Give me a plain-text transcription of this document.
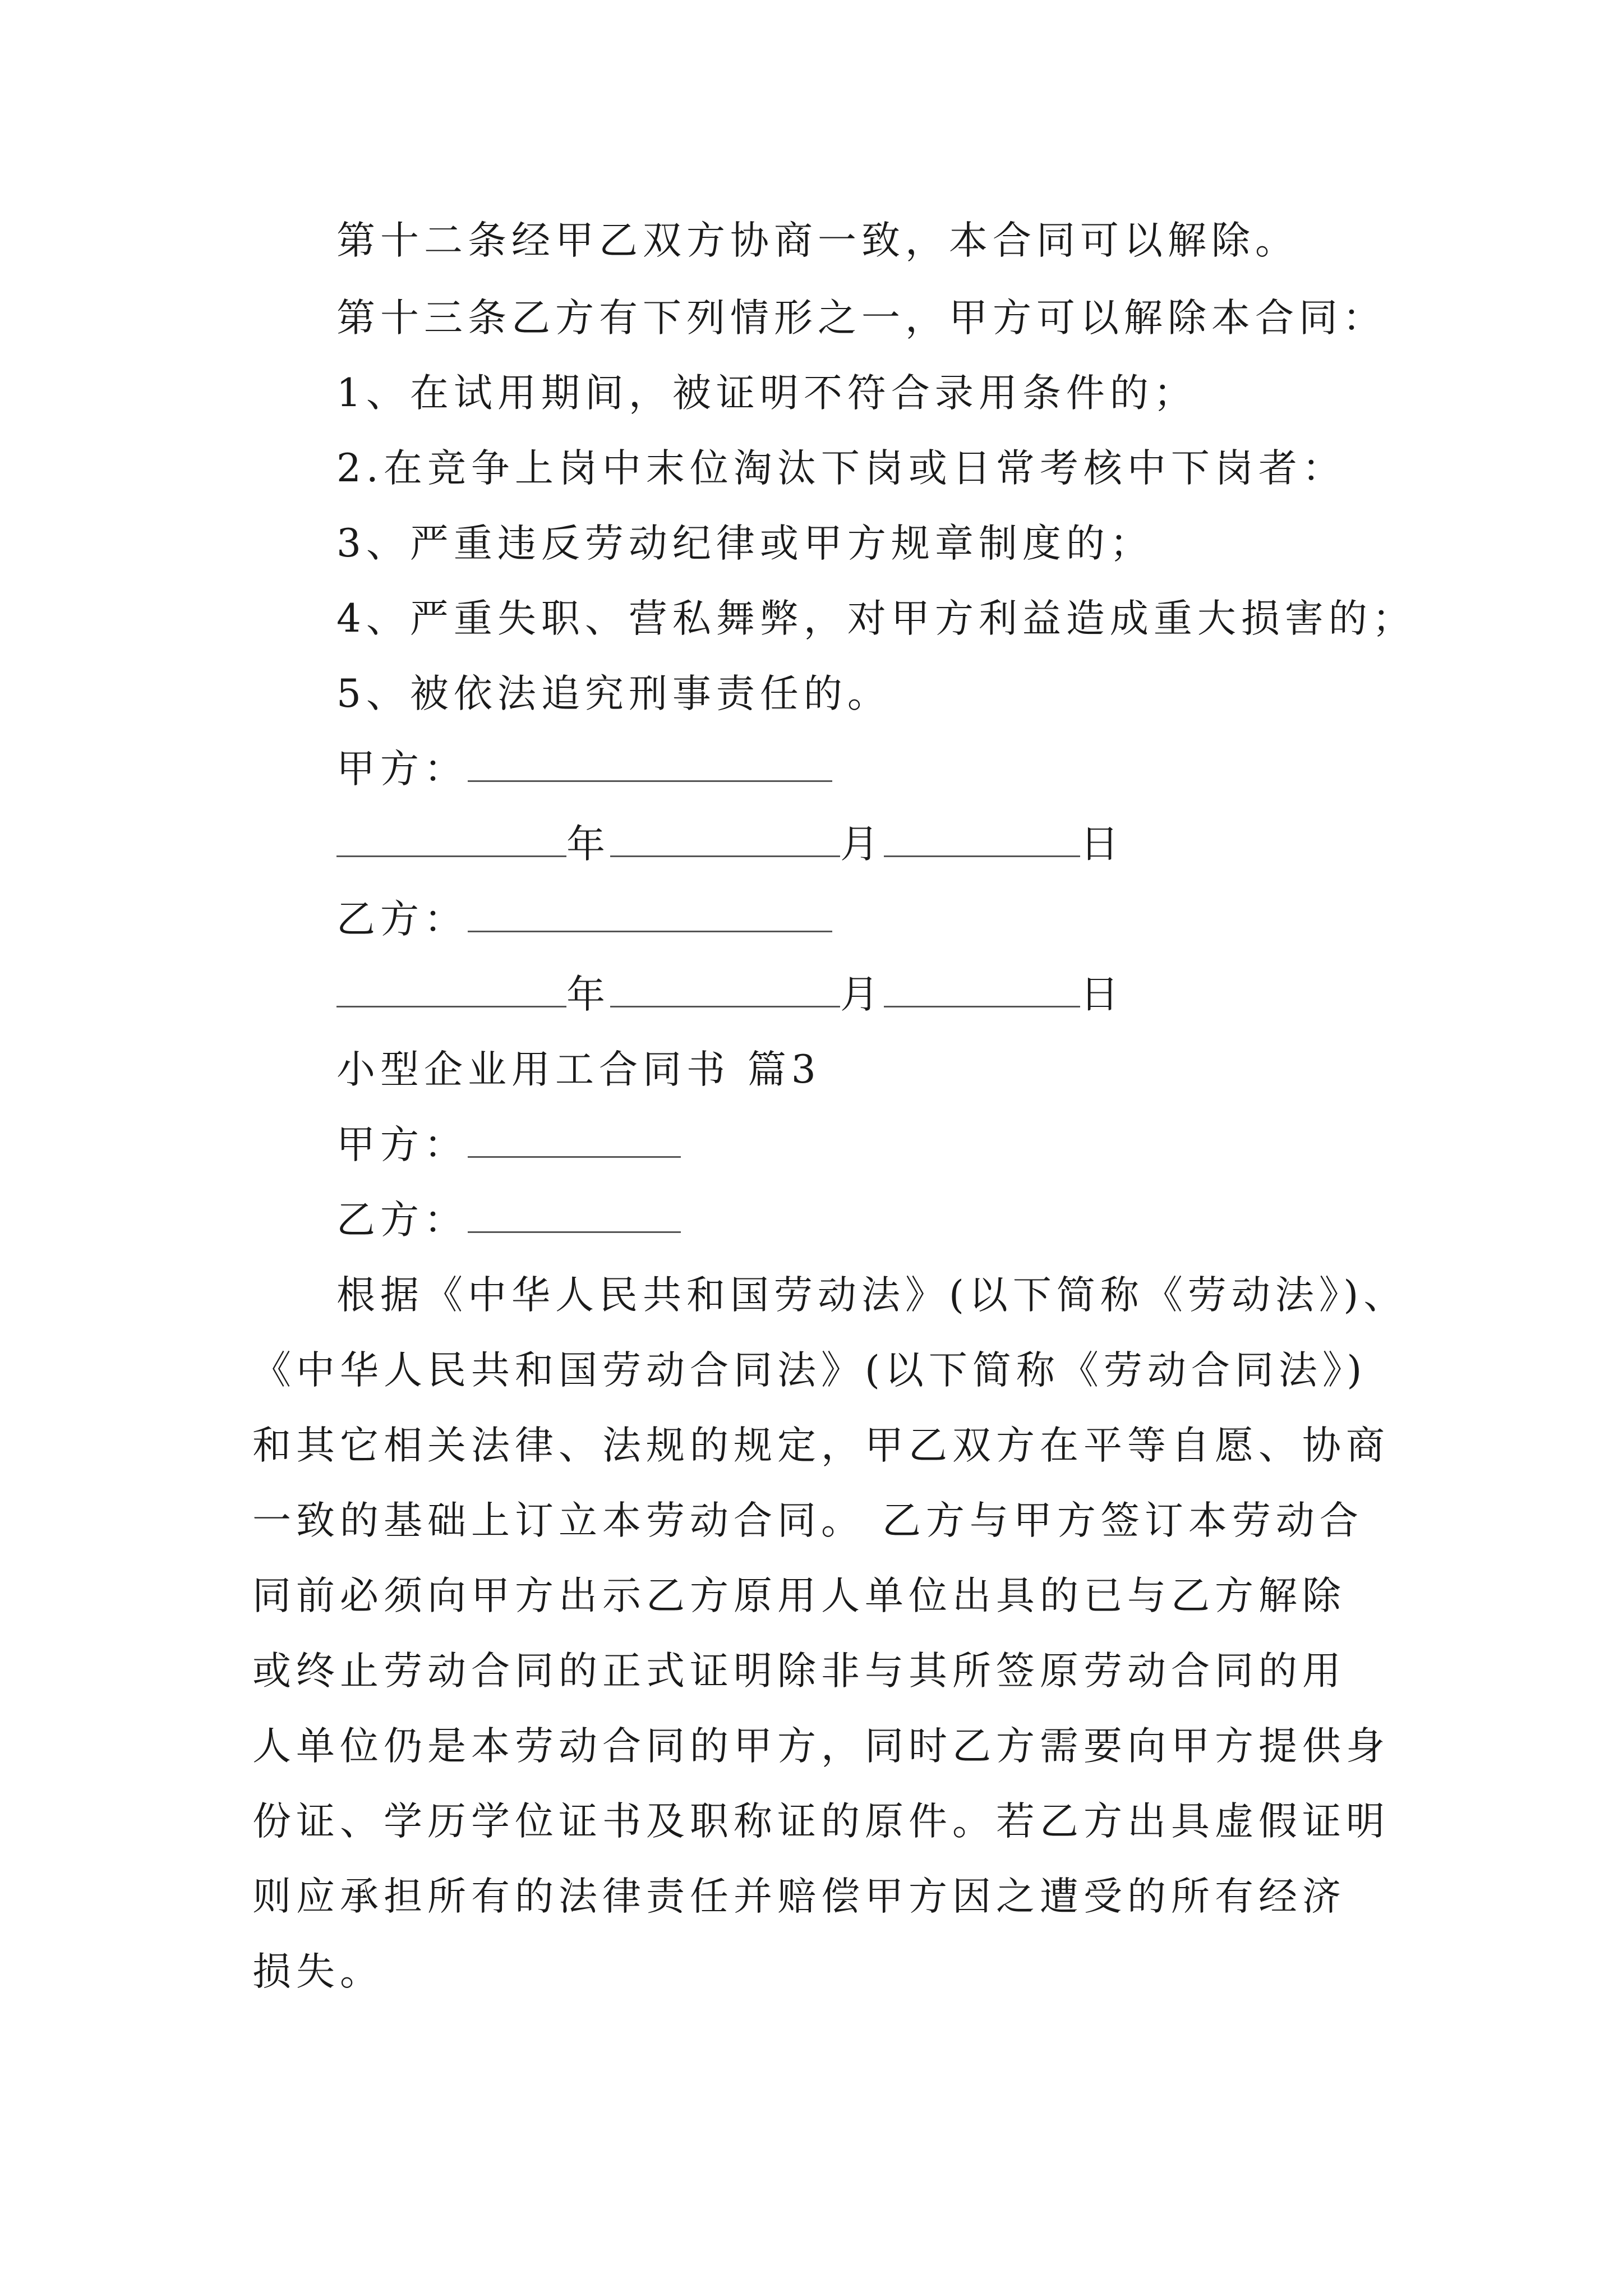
第十二条经甲乙双方协商一致，本合同可以解除。
第十三条乙方有下列情形之一，甲方可以解除本合同：
1、在试用期间，被证明不符合录用条件的；
2.在竞争上岗中末位淘汰下岗或日常考核中下岗者：
3、严重违反劳动纪律或甲方规章制度的；
4、严重失职、营私舞弊，对甲方利益造成重大损害的；
5、被依法追究刑事责任的。
甲方：
年	月	日
乙方：
年	月	日
小型企业用工合同书 篇3
甲方：
乙方：
根据《中华人民共和国劳动法》(以下简称《劳动法》)、
《中华人民共和国劳动合同法》(以下简称《劳动合同法》)
和其它相关法律、法规的规定，甲乙双方在平等自愿、协商
一致的基础上订立本劳动合同。 乙方与甲方签订本劳动合
同前必须向甲方出示乙方原用人单位出具的已与乙方解除
或终止劳动合同的正式证明除非与其所签原劳动合同的用
人单位仍是本劳动合同的甲方，同时乙方需要向甲方提供身
份证、学历学位证书及职称证的原件。若乙方出具虚假证明
则应承担所有的法律责任并赔偿甲方因之遭受的所有经济
损失。
